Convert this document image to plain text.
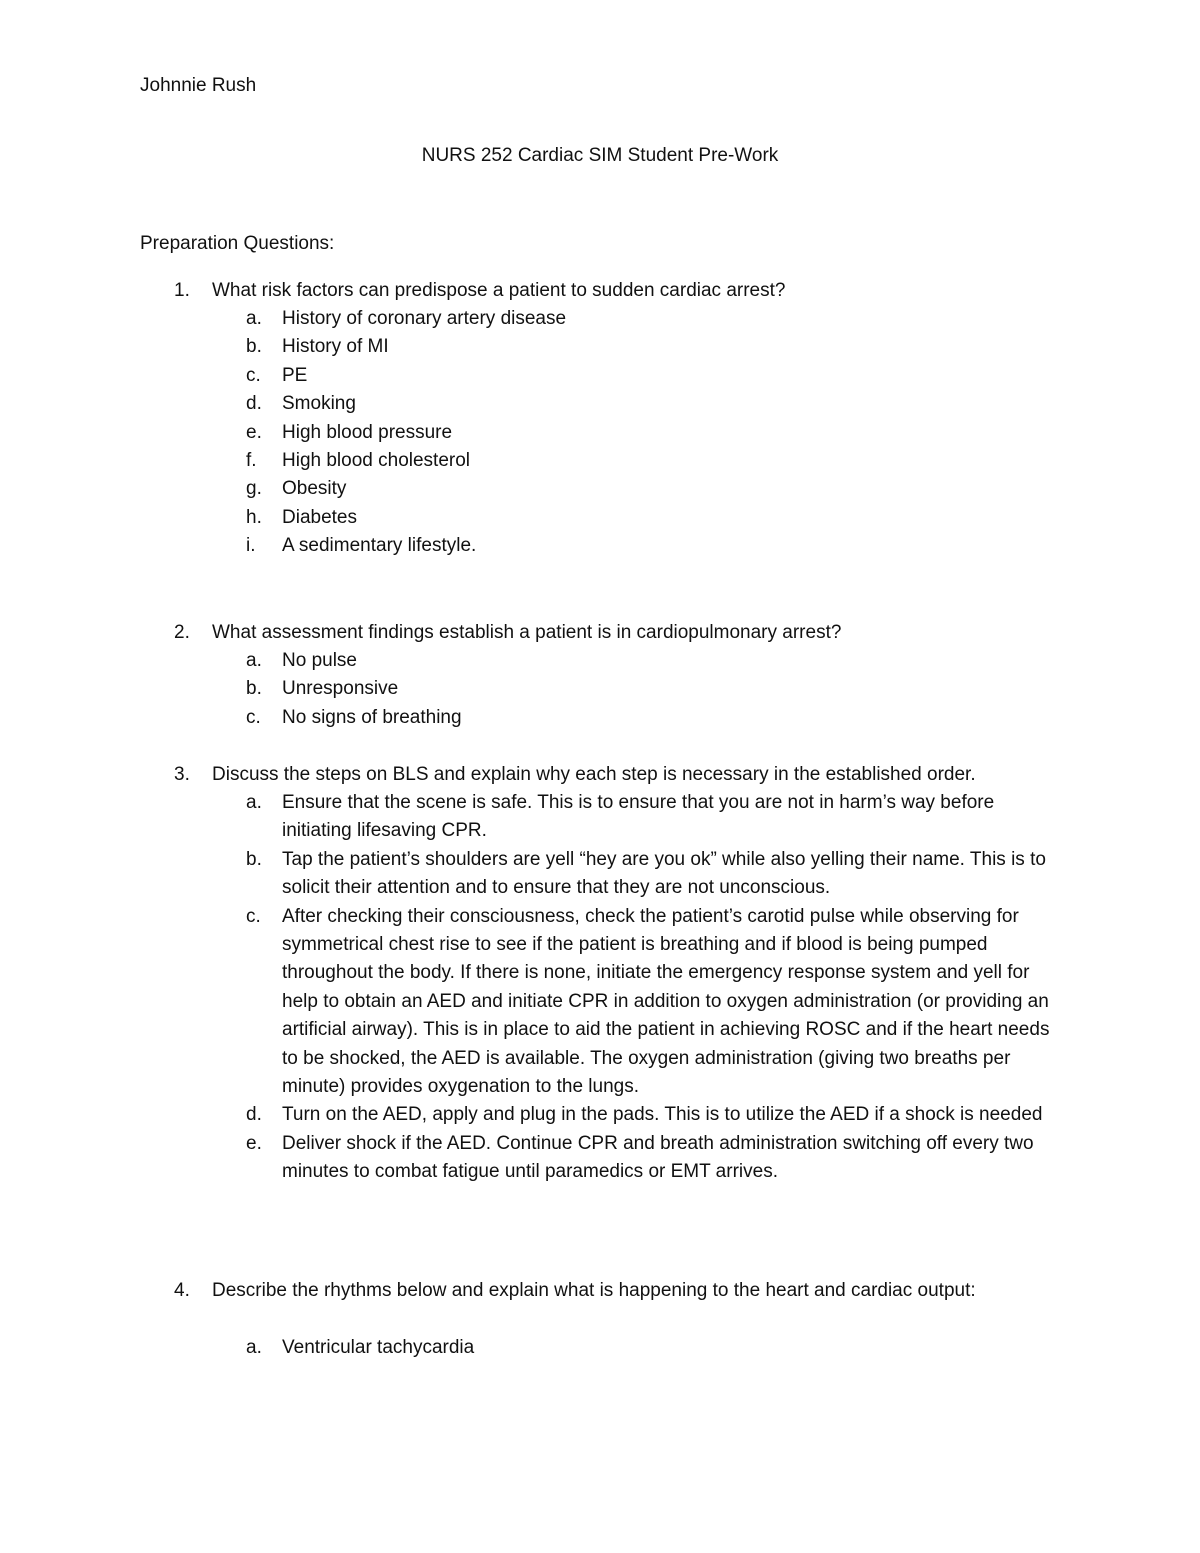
Johnnie Rush
NURS 252 Cardiac SIM Student Pre-Work
Preparation Questions:
1. What risk factors can predispose a patient to sudden cardiac arrest?
a. History of coronary artery disease
b. History of MI
c. PE
d. Smoking
e. High blood pressure
f. High blood cholesterol
g. Obesity
h. Diabetes
i. A sedimentary lifestyle.
2. What assessment findings establish a patient is in cardiopulmonary arrest?
a. No pulse
b. Unresponsive
c. No signs of breathing
3. Discuss the steps on BLS and explain why each step is necessary in the established order.
a. Ensure that the scene is safe. This is to ensure that you are not in harm’s way before initiating lifesaving CPR.
b. Tap the patient’s shoulders are yell “hey are you ok” while also yelling their name. This is to solicit their attention and to ensure that they are not unconscious.
c. After checking their consciousness, check the patient’s carotid pulse while observing for symmetrical chest rise to see if the patient is breathing and if blood is being pumped throughout the body. If there is none, initiate the emergency response system and yell for help to obtain an AED and initiate CPR in addition to oxygen administration (or providing an artificial airway). This is in place to aid the patient in achieving ROSC and if the heart needs to be shocked, the AED is available. The oxygen administration (giving two breaths per minute) provides oxygenation to the lungs.
d. Turn on the AED, apply and plug in the pads. This is to utilize the AED if a shock is needed
e. Deliver shock if the AED. Continue CPR and breath administration switching off every two minutes to combat fatigue until paramedics or EMT arrives.
4. Describe the rhythms below and explain what is happening to the heart and cardiac output:
a. Ventricular tachycardia
